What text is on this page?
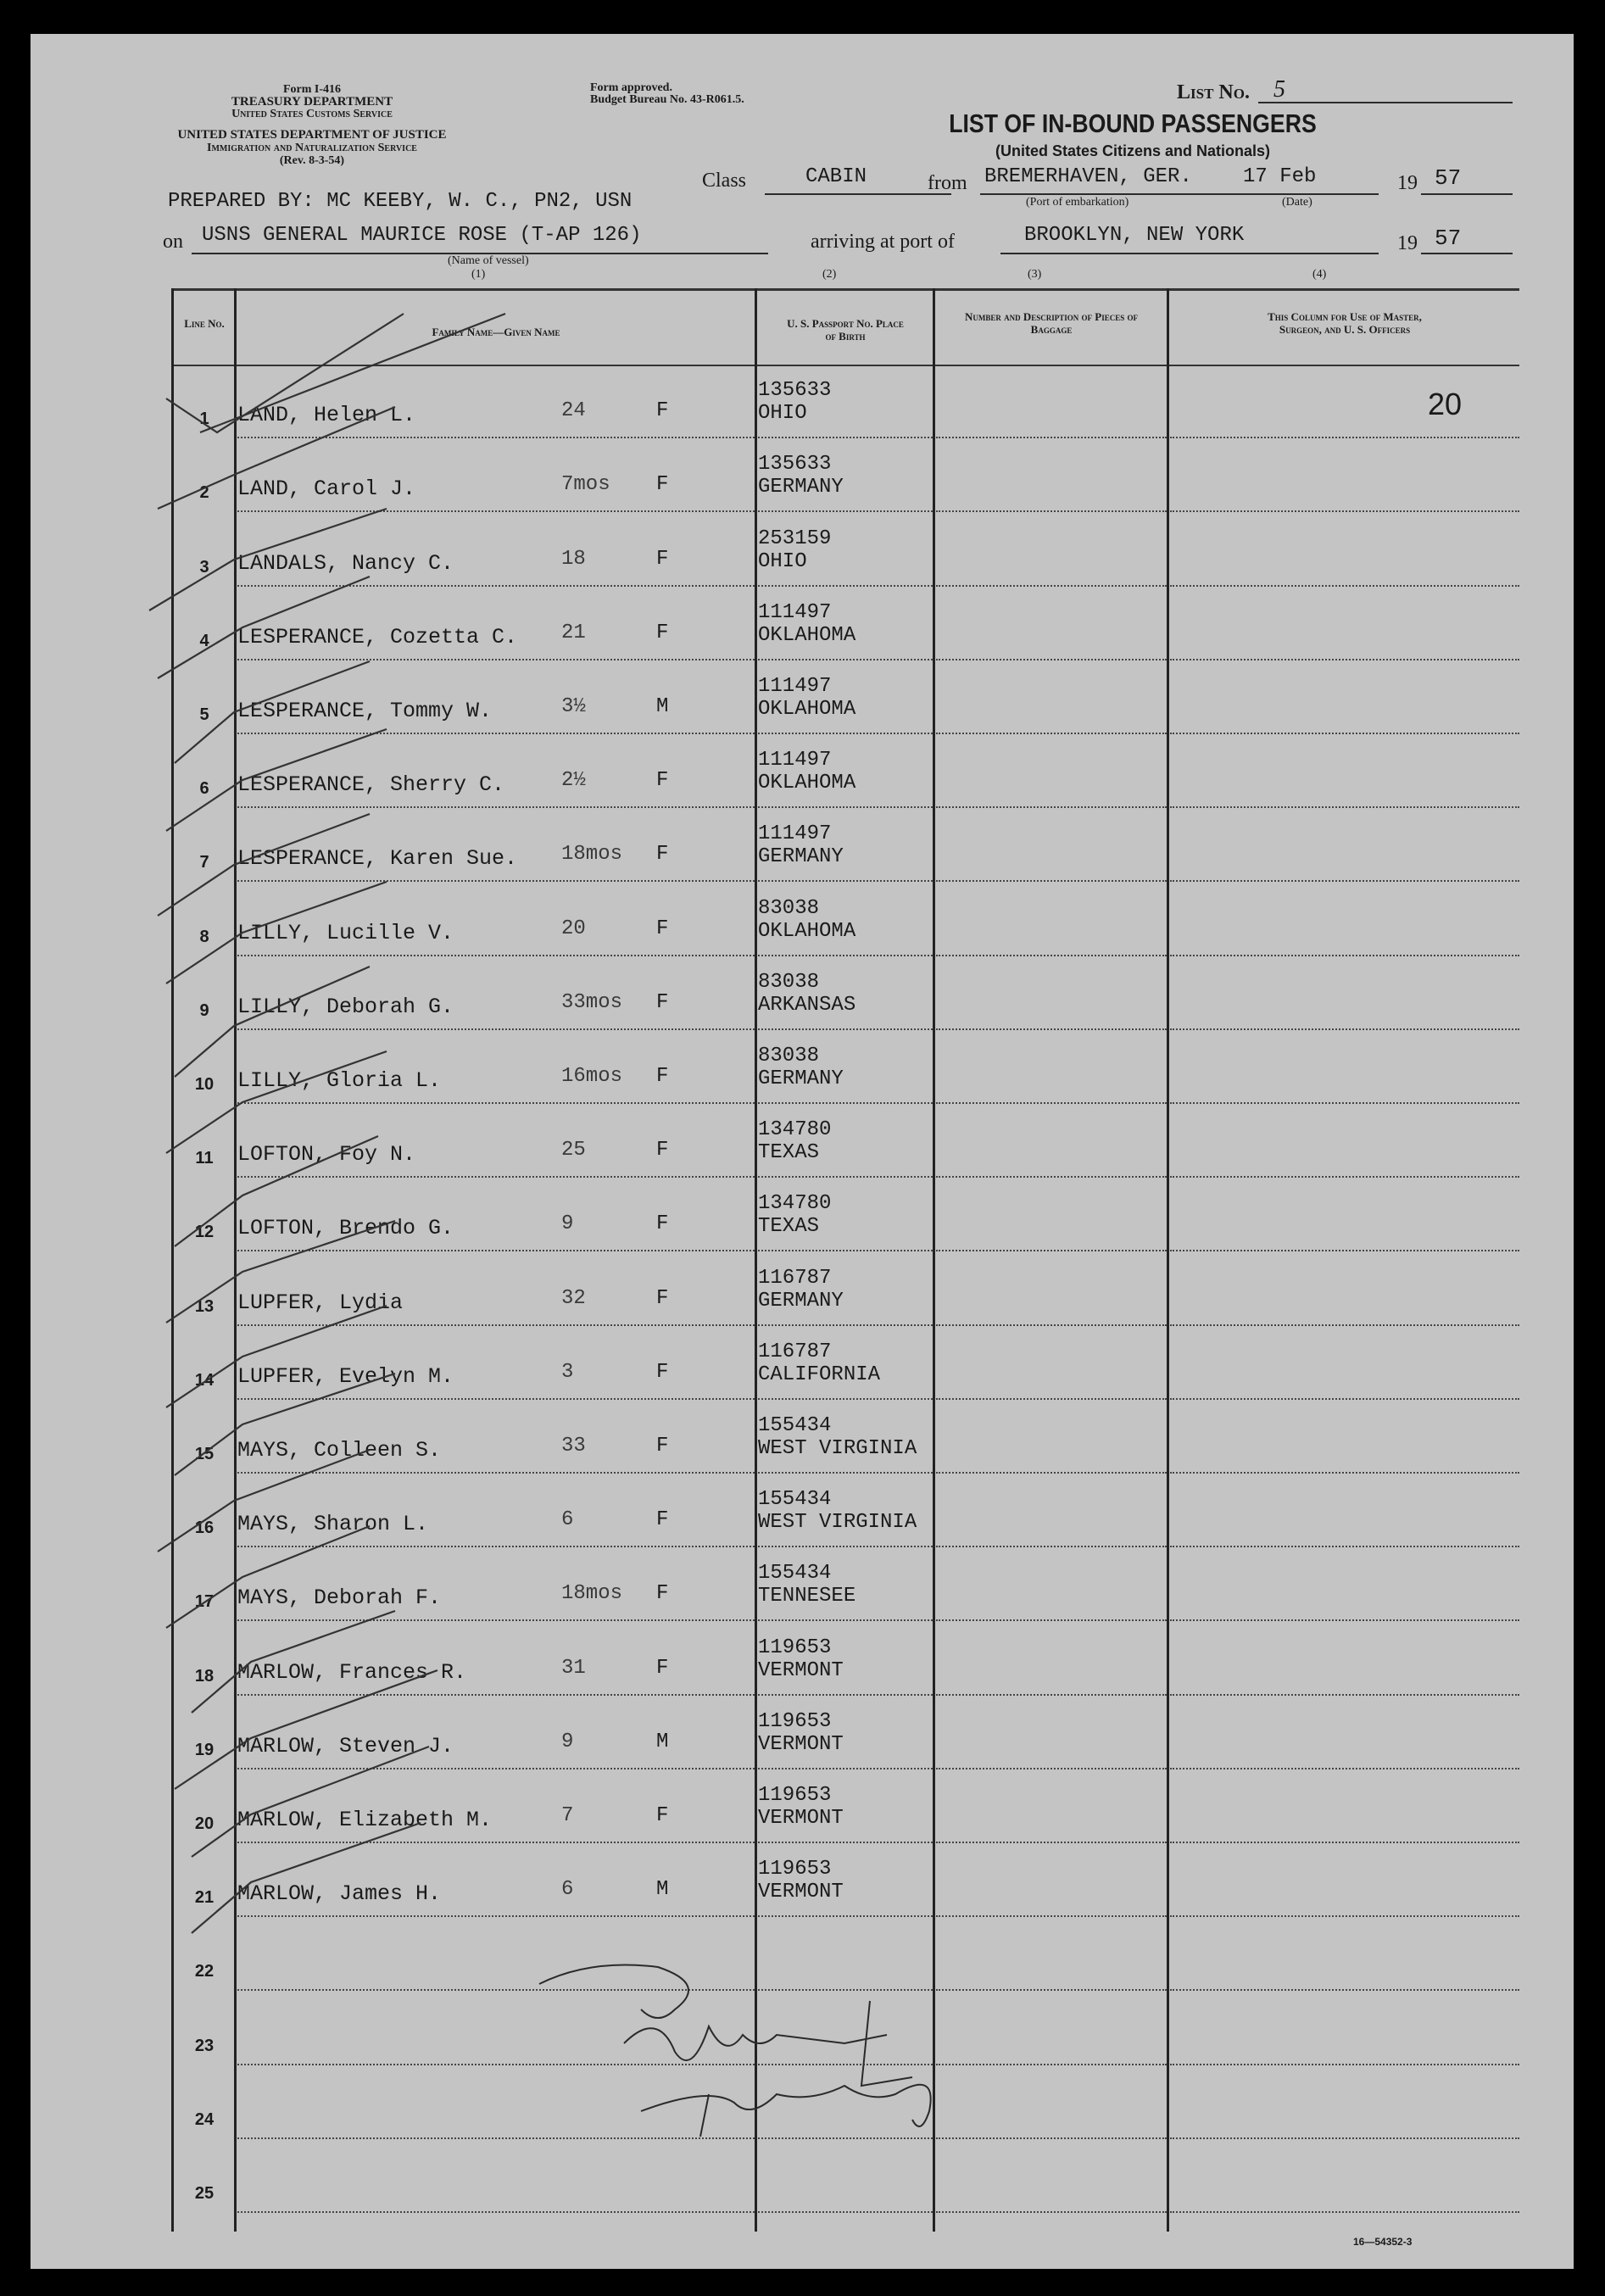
Form I-416
TREASURY DEPARTMENT
United States Customs Service
UNITED STATES DEPARTMENT OF JUSTICE
Immigration and Naturalization Service
(Rev. 8-3-54)
Form approved.
Budget Bureau No. 43-R061.5.	List No. 5
LIST OF IN-BOUND PASSENGERS
(United States Citizens and Nationals)
PREPARED BY: MC KEEBY, W. C., PN2, USN
Class	CABIN	from BREMERHAVEN, GER.	17 Feb	19 57
(Port of embarkation)	(Date)
on USNS GENERAL MAURICE ROSE (T-AP 126)
(Name of vessel)
arriving at port of	BROOKLYN, NEW YORK	19 57
(1)	(2)	(3)	(4)
Line No.
Family Name—Given Name
U. S. Passport No. Place of Birth
Number and Description of Pieces of Baggage
This Column for Use of Master, Surgeon, and U. S. Officers
20
1	LAND, Helen L.	24	F
135633
OHIO
2	LAND, Carol J.	7mos F
135633
GERMANY
3	LANDALS, Nancy C.	18	F
253159
OHIO
4	LESPERANCE, Cozetta C. 21	F
111497
OKLAHOMA
5	LESPERANCE, Tommy W.	3½	M
111497
OKLAHOMA
6	LESPERANCE, Sherry C.	2½	F
111497
OKLAHOMA
7	LESPERANCE, Karen Sue. 18mos F
111497
GERMANY
8	LILLY, Lucille V.	20	F
83038
OKLAHOMA
9	LILLY, Deborah G.	33mos F
83038
ARKANSAS
10	LILLY, Gloria L.	16mos F
83038
GERMANY
11	LOFTON, Foy N.	25	F
134780
TEXAS
12	LOFTON, Brendo G.	9	F
134780
TEXAS
13	LUPFER, Lydia	32	F
116787
GERMANY
14	LUPFER, Evelyn M.	3	F
116787
CALIFORNIA
15	MAYS, Colleen S.	33	F
155434
WEST VIRGINIA
16	MAYS, Sharon L.	6	F
155434
WEST VIRGINIA
17	MAYS, Deborah F.	18mos F
155434
TENNESEE
18	MARLOW, Frances R.	31	F
119653
VERMONT
19	MARLOW, Steven J.	9	M
119653
VERMONT
20	MARLOW, Elizabeth M.	7	F
119653
VERMONT
21	MARLOW, James H.	6	M
119653
VERMONT
22
23
24
25
16—54352-3
